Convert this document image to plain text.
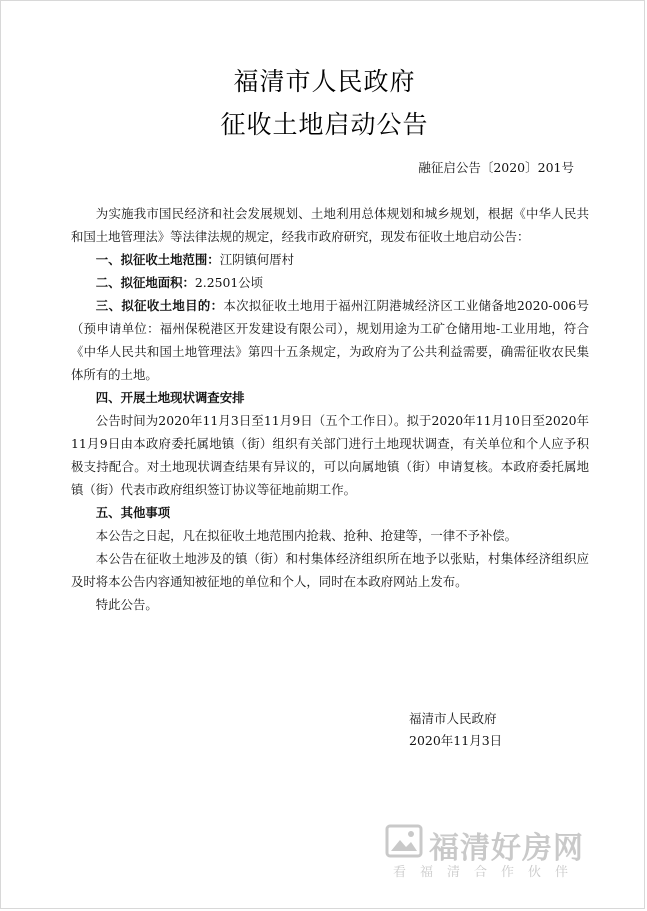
福清市人民政府
征收土地启动公告
融征启公告〔2020〕201号

为实施我市国民经济和社会发展规划、土地利用总体规划和城乡规划，根据《中华人民共和国土地管理法》等法律法规的规定，经我市政府研究，现发布征收土地启动公告：

一、拟征收土地范围：江阴镇何厝村

二、拟征地面积：2.2501公顷

三、拟征收土地目的：本次拟征收土地用于福州江阴港城经济区工业储备地2020-006号（预申请单位：福州保税港区开发建设有限公司），规划用途为工矿仓储用地-工业用地，符合《中华人民共和国土地管理法》第四十五条规定，为政府为了公共利益需要，确需征收农民集体所有的土地。

四、开展土地现状调查安排

公告时间为2020年11月3日至11月9日（五个工作日）。拟于2020年11月10日至2020年11月9日由本政府委托属地镇（街）组织有关部门进行土地现状调查，有关单位和个人应予积极支持配合。对土地现状调查结果有异议的，可以向属地镇（街）申请复核。本政府委托属地镇（街）代表市政府组织签订协议等征地前期工作。

五、其他事项

本公告之日起，凡在拟征收土地范围内抢栽、抢种、抢建等，一律不予补偿。

本公告在征收土地涉及的镇（街）和村集体经济组织所在地予以张贴，村集体经济组织应及时将本公告内容通知被征地的单位和个人，同时在本政府网站上发布。

特此公告。

福清市人民政府
2020年11月3日
福清好房网
看福清合作伙伴
